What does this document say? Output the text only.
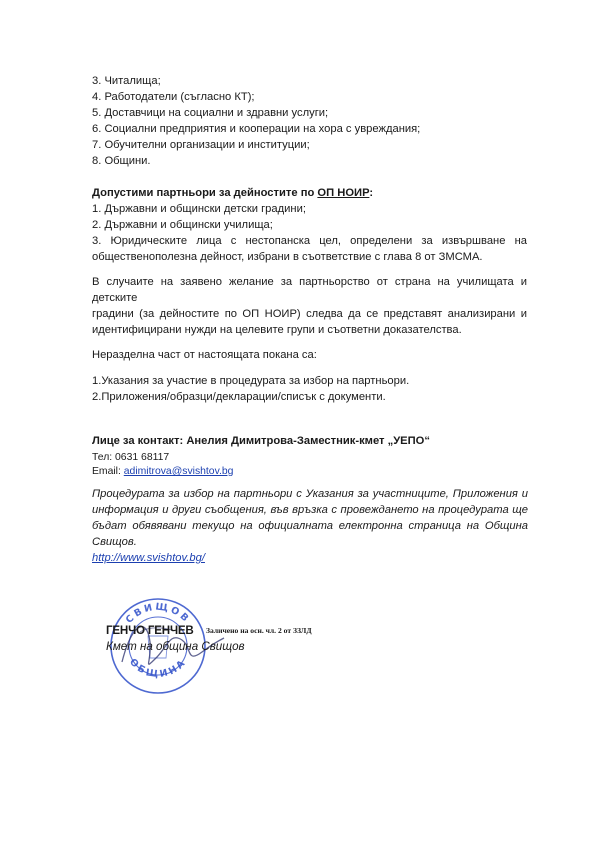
3. Читалища;
4. Работодатели (съгласно КТ);
5. Доставчици на социални и здравни услуги;
6. Социални предприятия и кооперации на хора с увреждания;
7. Обучителни организации и институции;
8. Общини.
Допустими партньори за дейностите по ОП НОИР:
1. Държавни и общински детски градини;
2. Държавни и общински училища;
3. Юридическите лица с нестопанска цел, определени за извършване на
общественополезна дейност, избрани в съответствие с глава 8 от ЗМСМА.
В случаите на заявено желание за партньорство от страна на училищата и детските
градини (за дейностите по ОП НОИР) следва да се представят анализирани и
идентифицирани нужди на целевите групи и съответни доказателства.
Неразделна част от настоящата покана са:
1.Указания за участие в процедурата за избор на партньори.
2.Приложения/образци/декларации/списък с документи.
Лице за контакт: Анелия Димитрова-Заместник-кмет „УЕПО“
Тел: 0631 68117
Email: adimitrova@svishtov.bg
Процедурата за избор на партньори с Указания за участниците, Приложения и
информация и други съобщения, във връзка с провеждането на процедурата ще
бъдат обявявани текущо на официалната електронна страница на Община
Свищов.
http://www.svishtov.bg/
СВИЩОВ
ОБЩИНА
ГЕНЧО ГЕНЧЕВ Заличено на осн. чл. 2 от ЗЗЛД
Кмет на община Свищов
